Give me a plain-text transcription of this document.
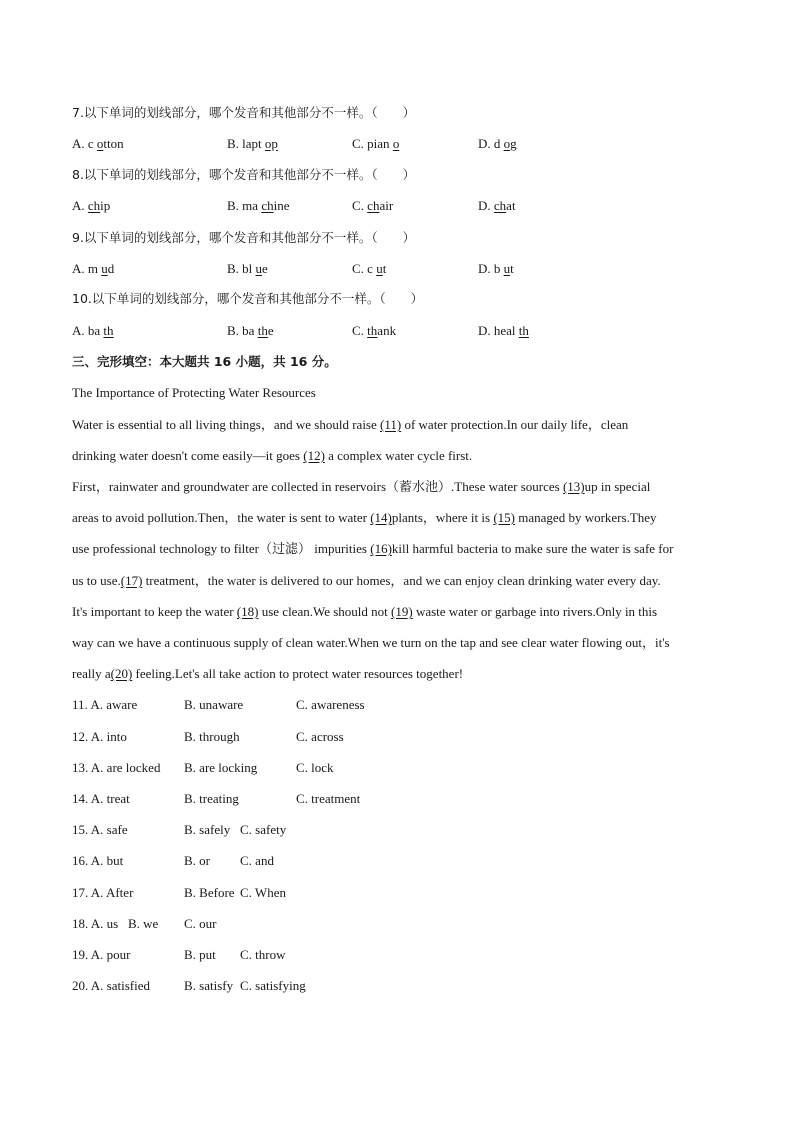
7.以下单词的划线部分，哪个发音和其他部分不一样。（　　）
A. c otton	B. lapt op	C. pian o	D. d og
8.以下单词的划线部分，哪个发音和其他部分不一样。（　　）
A. chip	B. ma chine	C. chair	D. chat
9.以下单词的划线部分，哪个发音和其他部分不一样。（　　）
A. m ud	B. bl ue	C. c ut	D. b ut
10.以下单词的划线部分，哪个发音和其他部分不一样。（　　）
A. ba th	B. ba the	C. thank	D. heal th
三、完形填空：本大题共 16 小题，共 16 分。
The Importance of Protecting Water Resources
Water is essential to all living things，and we should raise (11) of water protection.In our daily life，clean
drinking water doesn't come easily—it goes (12) a complex water cycle first.
First，rainwater and groundwater are collected in reservoirs（蓄水池）.These water sources (13)up in special
areas to avoid pollution.Then，the water is sent to water (14)plants，where it is (15) managed by workers.They
use professional technology to filter（过滤） impurities (16)kill harmful bacteria to make sure the water is safe for
us to use.(17) treatment，the water is delivered to our homes，and we can enjoy clean drinking water every day.
It's important to keep the water (18) use clean.We should not (19) waste water or garbage into rivers.Only in this
way can we have a continuous supply of clean water.When we turn on the tap and see clear water flowing out，it's
really a(20) feeling.Let's all take action to protect water resources together!
11. A. aware	B. unaware	C. awareness
12. A. into	B. through	C. across
13. A. are locked B. are locking	C. lock
14. A. treat	B. treating	C. treatment
15. A. safe	B. safely C. safety
16. A. but	B. or C. and
17. A. After	B. Before C. When
18. A. us B. we C. our
19. A. pour	B. put C. throw
20. A. satisfied	B. satisfy C. satisfying
